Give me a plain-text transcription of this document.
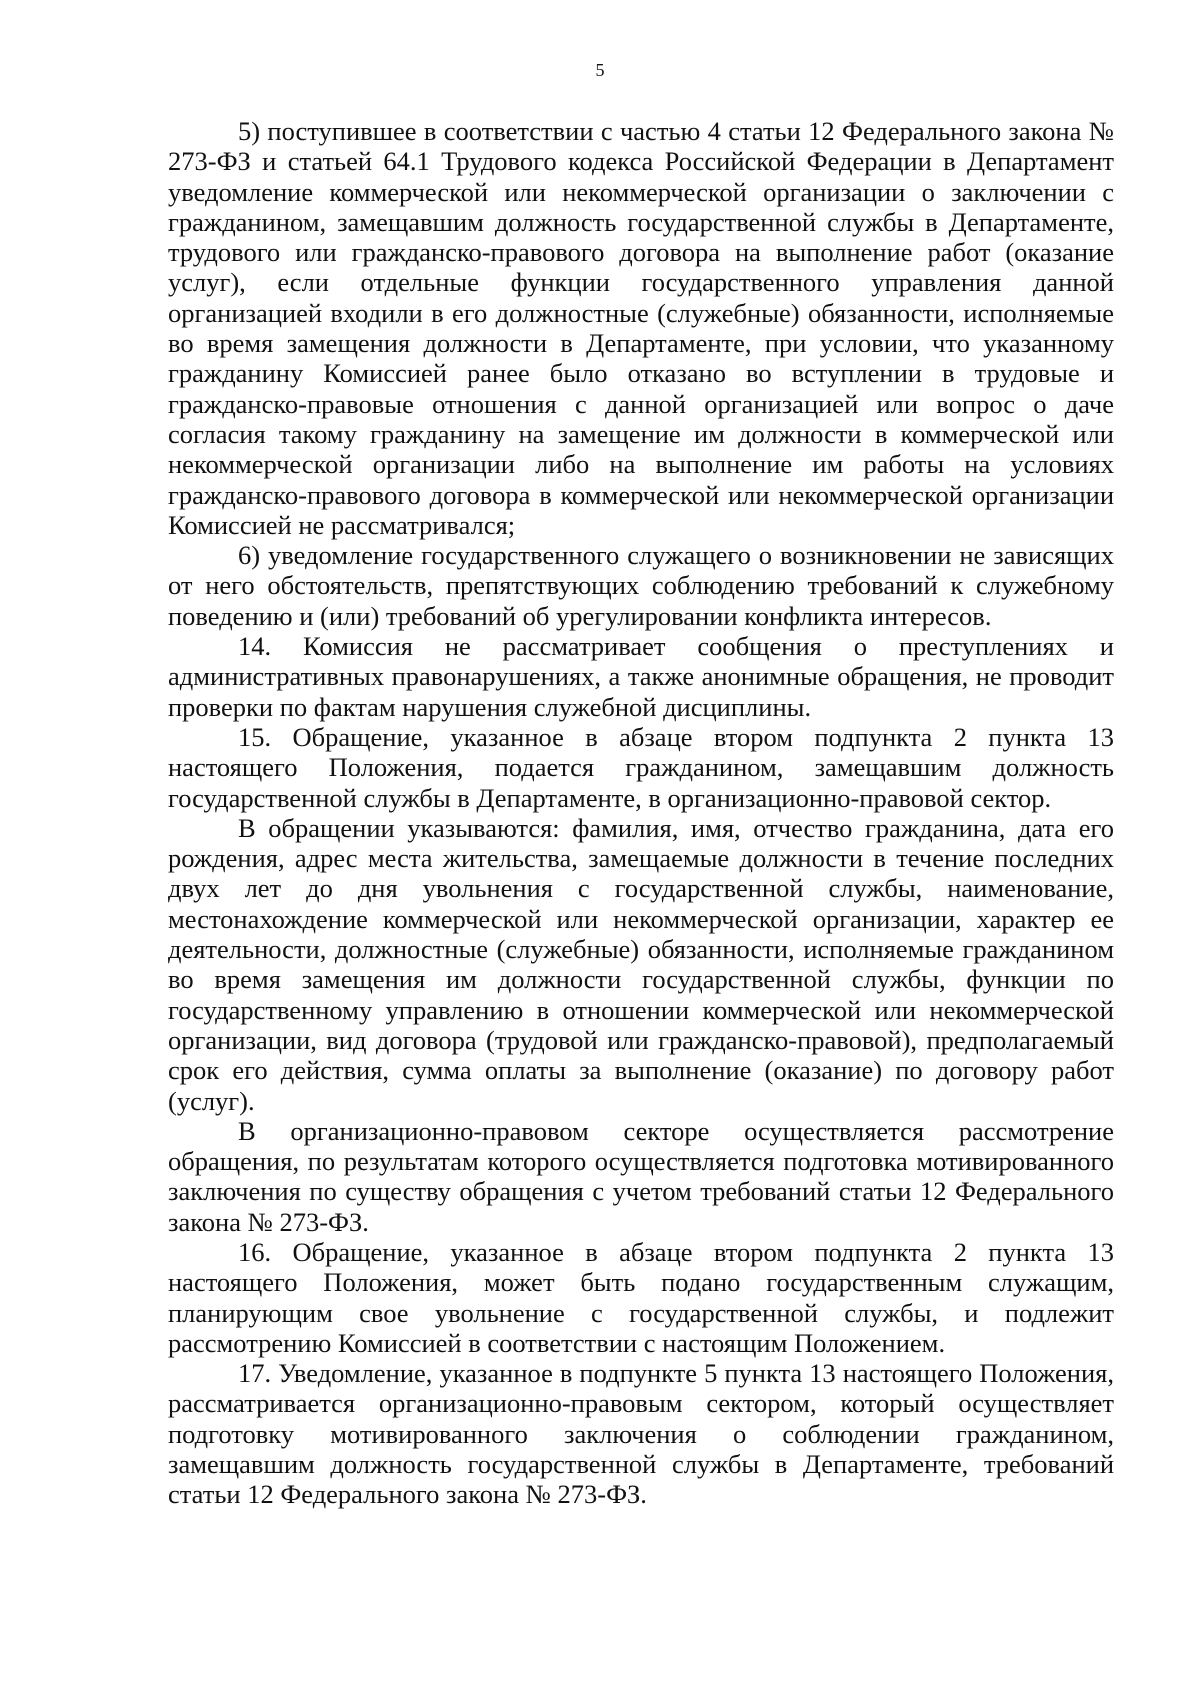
5

5) поступившее в соответствии с частью 4 статьи 12 Федерального закона № 273-ФЗ и статьей 64.1 Трудового кодекса Российской Федерации в Департамент уведомление коммерческой или некоммерческой организации о заключении с гражданином, замещавшим должность государственной службы в Департаменте, трудового или гражданско-правового договора на выполнение работ (оказание услуг), если отдельные функции государственного управления данной организацией входили в его должностные (служебные) обязанности, исполняемые во время замещения должности в Департаменте, при условии, что указанному гражданину Комиссией ранее было отказано во вступлении в трудовые и гражданско-правовые отношения с данной организацией или вопрос о даче согласия такому гражданину на замещение им должности в коммерческой или некоммерческой организации либо на выполнение им работы на условиях гражданско-правового договора в коммерческой или некоммерческой организации Комиссией не рассматривался;

6) уведомление государственного служащего о возникновении не зависящих от него обстоятельств, препятствующих соблюдению требований к служебному поведению и (или) требований об урегулировании конфликта интересов.

14. Комиссия не рассматривает сообщения о преступлениях и административных правонарушениях, а также анонимные обращения, не проводит проверки по фактам нарушения служебной дисциплины.

15. Обращение, указанное в абзаце втором подпункта 2 пункта 13 настоящего Положения, подается гражданином, замещавшим должность государственной службы в Департаменте, в организационно-правовой сектор.

В обращении указываются: фамилия, имя, отчество гражданина, дата его рождения, адрес места жительства, замещаемые должности в течение последних двух лет до дня увольнения с государственной службы, наименование, местонахождение коммерческой или некоммерческой организации, характер ее деятельности, должностные (служебные) обязанности, исполняемые гражданином во время замещения им должности государственной службы, функции по государственному управлению в отношении коммерческой или некоммерческой организации, вид договора (трудовой или гражданско-правовой), предполагаемый срок его действия, сумма оплаты за выполнение (оказание) по договору работ (услуг).

В организационно-правовом секторе осуществляется рассмотрение обращения, по результатам которого осуществляется подготовка мотивированного заключения по существу обращения с учетом требований статьи 12 Федерального закона № 273-ФЗ.

16. Обращение, указанное в абзаце втором подпункта 2 пункта 13 настоящего Положения, может быть подано государственным служащим, планирующим свое увольнение с государственной службы, и подлежит рассмотрению Комиссией в соответствии с настоящим Положением.

17. Уведомление, указанное в подпункте 5 пункта 13 настоящего Положения, рассматривается организационно-правовым сектором, который осуществляет подготовку мотивированного заключения о соблюдении гражданином, замещавшим должность государственной службы в Департаменте, требований статьи 12 Федерального закона № 273-ФЗ.
